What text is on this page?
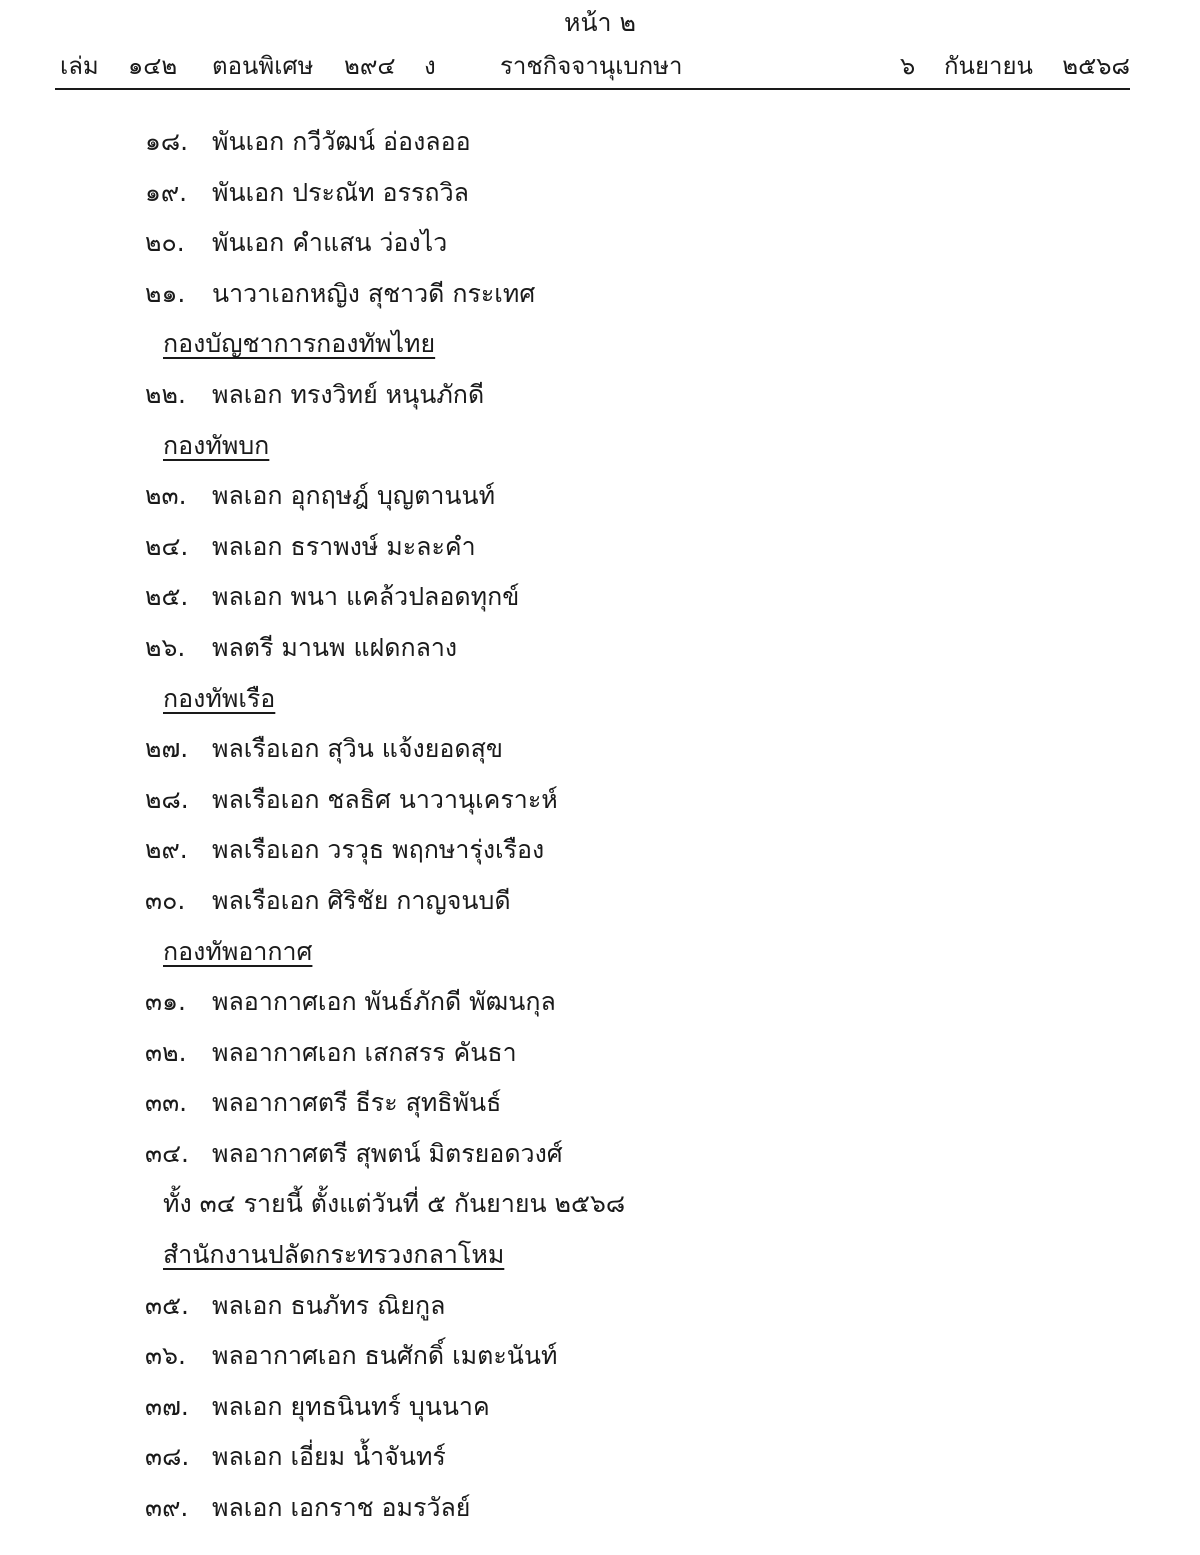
หน้า ๒
เล่ม ๑๔๒ ตอนพิเศษ ๒๙๔ ง	ราชกิจจานุเบกษา	๖ กันยายน ๒๕๖๘
๑๘. พันเอก กวีวัฒน์ อ่องลออ
๑๙. พันเอก ประณัท อรรถวิล
๒๐. พันเอก คำแสน ว่องไว
๒๑. นาวาเอกหญิง สุชาวดี กระเทศ
กองบัญชาการกองทัพไทย
๒๒. พลเอก ทรงวิทย์ หนุนภักดี
กองทัพบก
๒๓. พลเอก อุกฤษฎ์ บุญตานนท์
๒๔. พลเอก ธราพงษ์ มะละคำ
๒๕. พลเอก พนา แคล้วปลอดทุกข์
๒๖. พลตรี มานพ แฝดกลาง
กองทัพเรือ
๒๗. พลเรือเอก สุวิน แจ้งยอดสุข
๒๘. พลเรือเอก ชลธิศ นาวานุเคราะห์
๒๙. พลเรือเอก วรวุธ พฤกษารุ่งเรือง
๓๐. พลเรือเอก ศิริชัย กาญจนบดี
กองทัพอากาศ
๓๑. พลอากาศเอก พันธ์ภักดี พัฒนกุล
๓๒. พลอากาศเอก เสกสรร คันธา
๓๓. พลอากาศตรี ธีระ สุทธิพันธ์
๓๔. พลอากาศตรี สุพตน์ มิตรยอดวงศ์
ทั้ง ๓๔ รายนี้ ตั้งแต่วันที่ ๕ กันยายน ๒๕๖๘
สำนักงานปลัดกระทรวงกลาโหม
๓๕. พลเอก ธนภัทร ณิยกูล
๓๖. พลอากาศเอก ธนศักดิ์ เมตะนันท์
๓๗. พลเอก ยุทธนินทร์ บุนนาค
๓๘. พลเอก เอี่ยม น้ำจันทร์
๓๙. พลเอก เอกราช อมรวัลย์
